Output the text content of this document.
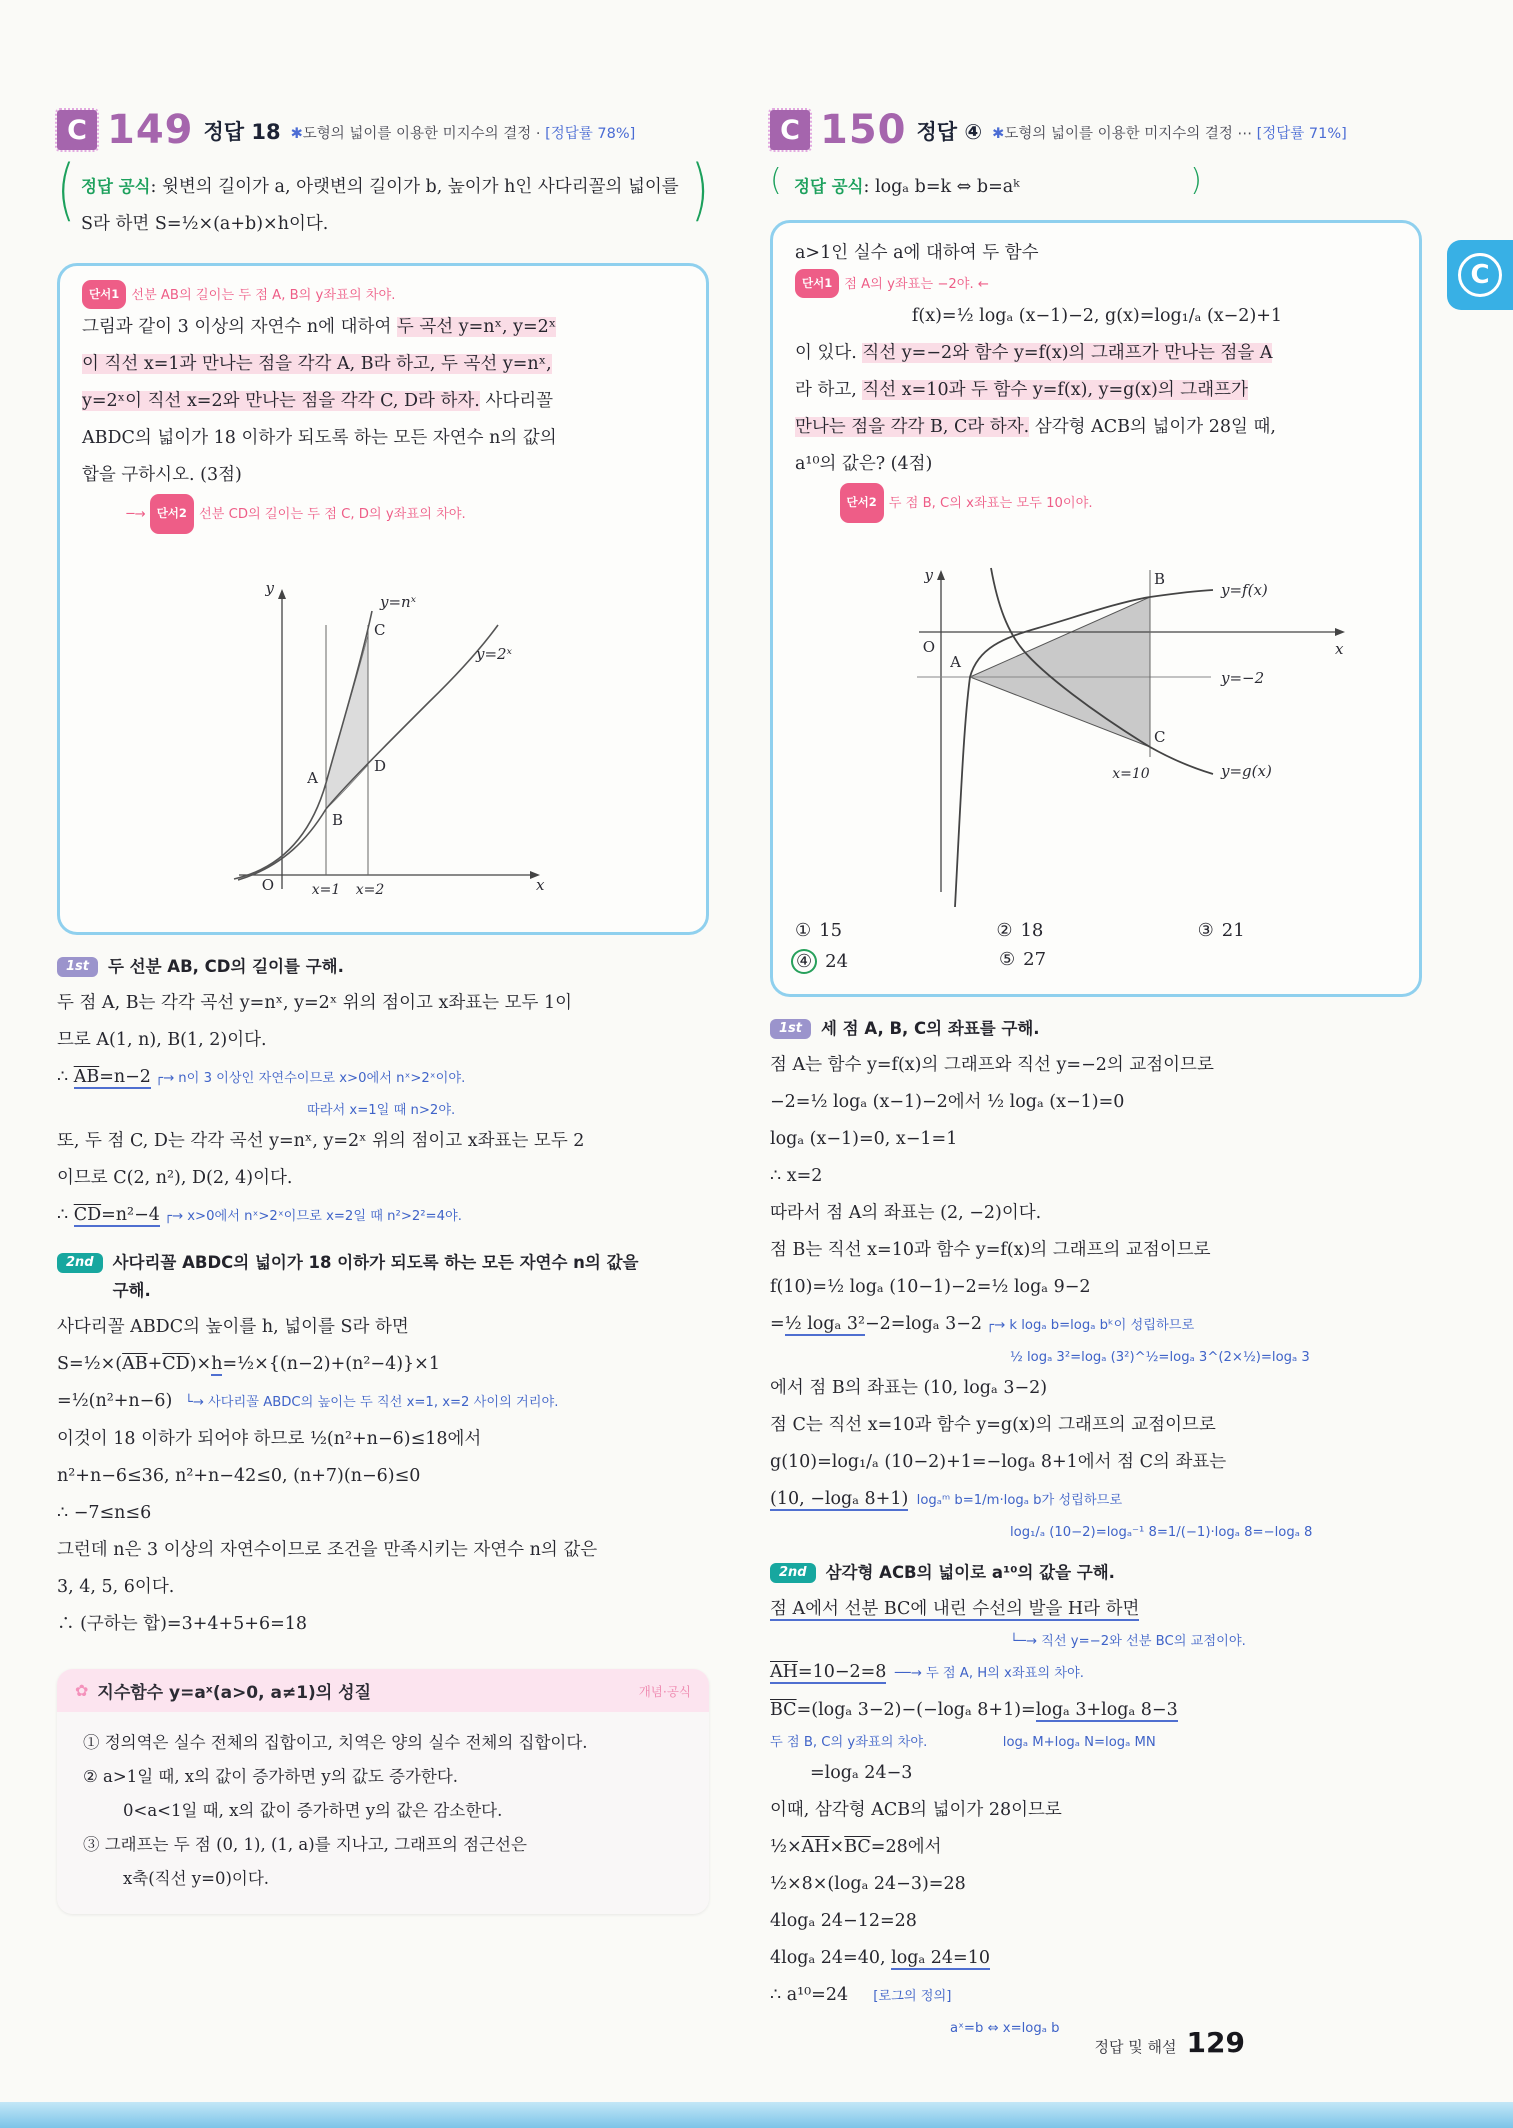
C 149 정답 18 ✱도형의 넓이를 이용한 미지수의 결정 · [정답률 78%]
(	)
정답 공식: 윗변의 길이가 a, 아랫변의 길이가 b, 높이가 h인 사다리꼴의 넓이를
S라 하면 S=½×(a+b)×h이다.
단서1 선분 AB의 길이는 두 점 A, B의 y좌표의 차야.
그림과 같이 3 이상의 자연수 n에 대하여 두 곡선 y=nˣ, y=2ˣ
이 직선 x=1과 만나는 점을 각각 A, B라 하고, 두 곡선 y=nˣ,
y=2ˣ이 직선 x=2와 만나는 점을 각각 C, D라 하자. 사다리꼴
ABDC의 넓이가 18 이하가 되도록 하는 모든 자연수 n의 값의
합을 구하시오. (3점)
─→ 단서2 선분 CD의 길이는 두 점 C, D의 y좌표의 차야.

y
x
O	x=1 x=2
y=nˣ
y=2ˣ
A
B
C
D
1st	두 선분 AB, CD의 길이를 구해.
두 점 A, B는 각각 곡선 y=nˣ, y=2ˣ 위의 점이고 x좌표는 모두 1이
므로 A(1, n), B(1, 2)이다.
∴ $\overline{AB}=n-2$ ┌→ n이 3 이상인 자연수이므로 x>0에서 nˣ>2ˣ이야.
따라서 x=1일 때 n>2야.
또, 두 점 C, D는 각각 곡선 y=nˣ, y=2ˣ 위의 점이고 x좌표는 모두 2
이므로 C(2, n²), D(2, 4)이다.
∴ $\overline{CD}=n^2-4$ ┌→ x>0에서 nˣ>2ˣ이므로 x=2일 때 n²>2²=4야.
2nd	사다리꼴 ABDC의 넓이가 18 이하가 되도록 하는 모든 자연수 n의 값을
구해.
사다리꼴 ABDC의 높이를 h, 넓이를 S라 하면
$S=\frac{1}{2}\times(\overline{AB}+\overline{CD})\times h=\frac{1}{2}\times\{(n-2)+(n^2-4)\}\times 1$
=½(n²+n−6)   └→ 사다리꼴 ABDC의 높이는 두 직선 x=1, x=2 사이의 거리야.
이것이 18 이하가 되어야 하므로 ½(n²+n−6)≤18에서
n²+n−6≤36, n²+n−42≤0, (n+7)(n−6)≤0
∴ −7≤n≤6
그런데 n은 3 이상의 자연수이므로 조건을 만족시키는 자연수 n의 값은
3, 4, 5, 6이다.
∴ (구하는 합)=3+4+5+6=18
✿ 지수함수 y=aˣ(a>0, a≠1)의 성질	개념·공식
① 정의역은 실수 전체의 집합이고, 치역은 양의 실수 전체의 집합이다.
② a>1일 때, x의 값이 증가하면 y의 값도 증가한다.
0<a<1일 때, x의 값이 증가하면 y의 값은 감소한다.
③ 그래프는 두 점 (0, 1), (1, a)를 지나고, 그래프의 점근선은
x축(직선 y=0)이다.
C 150 정답 ④ ✱도형의 넓이를 이용한 미지수의 결정 ⋯ [정답률 71%]
(	)
정답 공식: logₐ b=k ⇔ b=aᵏ
a>1인 실수 a에 대하여 두 함수
단서1 점 A의 y좌표는 −2야. ←
f(x)=½ logₐ (x−1)−2, g(x)=log₁/ₐ (x−2)+1
이 있다. 직선 y=−2와 함수 y=f(x)의 그래프가 만나는 점을 A
라 하고, 직선 x=10과 두 함수 y=f(x), y=g(x)의 그래프가
만나는 점을 각각 B, C라 하자. 삼각형 ACB의 넓이가 28일 때,
a¹⁰의 값은? (4점)
단서2 두 점 B, C의 x좌표는 모두 10이야.

y
x
O
y=f(x)
y=−2
y=g(x)
x=10
A
B
C
① 15	② 18	③ 21
④ 24	⑤ 27
1st	세 점 A, B, C의 좌표를 구해.
점 A는 함수 y=f(x)의 그래프와 직선 y=−2의 교점이므로
−2=½ logₐ (x−1)−2에서 ½ logₐ (x−1)=0
logₐ (x−1)=0, x−1=1
∴ x=2
따라서 점 A의 좌표는 (2, −2)이다.
점 B는 직선 x=10과 함수 y=f(x)의 그래프의 교점이므로
f(10)=½ logₐ (10−1)−2=½ logₐ 9−2
=½ logₐ 3²−2=logₐ 3−2 ┌→ k logₐ b=logₐ bᵏ이 성립하므로
½ logₐ 3²=logₐ (3²)^½=logₐ 3^(2×½)=logₐ 3
에서 점 B의 좌표는 (10, logₐ 3−2)
점 C는 직선 x=10과 함수 y=g(x)의 그래프의 교점이므로
g(10)=log₁/ₐ (10−2)+1=−logₐ 8+1에서 점 C의 좌표는
(10, −logₐ 8+1)  logₐᵐ b=1/m·logₐ b가 성립하므로
log₁/ₐ (10−2)=logₐ⁻¹ 8=1/(−1)·logₐ 8=−logₐ 8
2nd	삼각형 ACB의 넓이로 a¹⁰의 값을 구해.
점 A에서 선분 BC에 내린 수선의 발을 H라 하면
└─→ 직선 y=−2와 선분 BC의 교점이야.
$\overline{AH}=10-2=8$  ──→ 두 점 A, H의 x좌표의 차야.
$\overline{BC}=(\log_a$ 3−2)−(−logₐ 8+1)=logₐ 3+logₐ 8−3
두 점 B, C의 y좌표의 차야.                  logₐ M+logₐ N=logₐ MN
=logₐ 24−3
이때, 삼각형 ACB의 넓이가 28이므로
$\frac{1}{2}\times\overline{AH}\times\overline{BC}=28$에서
½×8×(logₐ 24−3)=28
4logₐ 24−12=28
4logₐ 24=40, logₐ 24=10
∴ a¹⁰=24      [로그의 정의]
aˣ=b ⇔ x=logₐ b
C
정답 및 해설 129
